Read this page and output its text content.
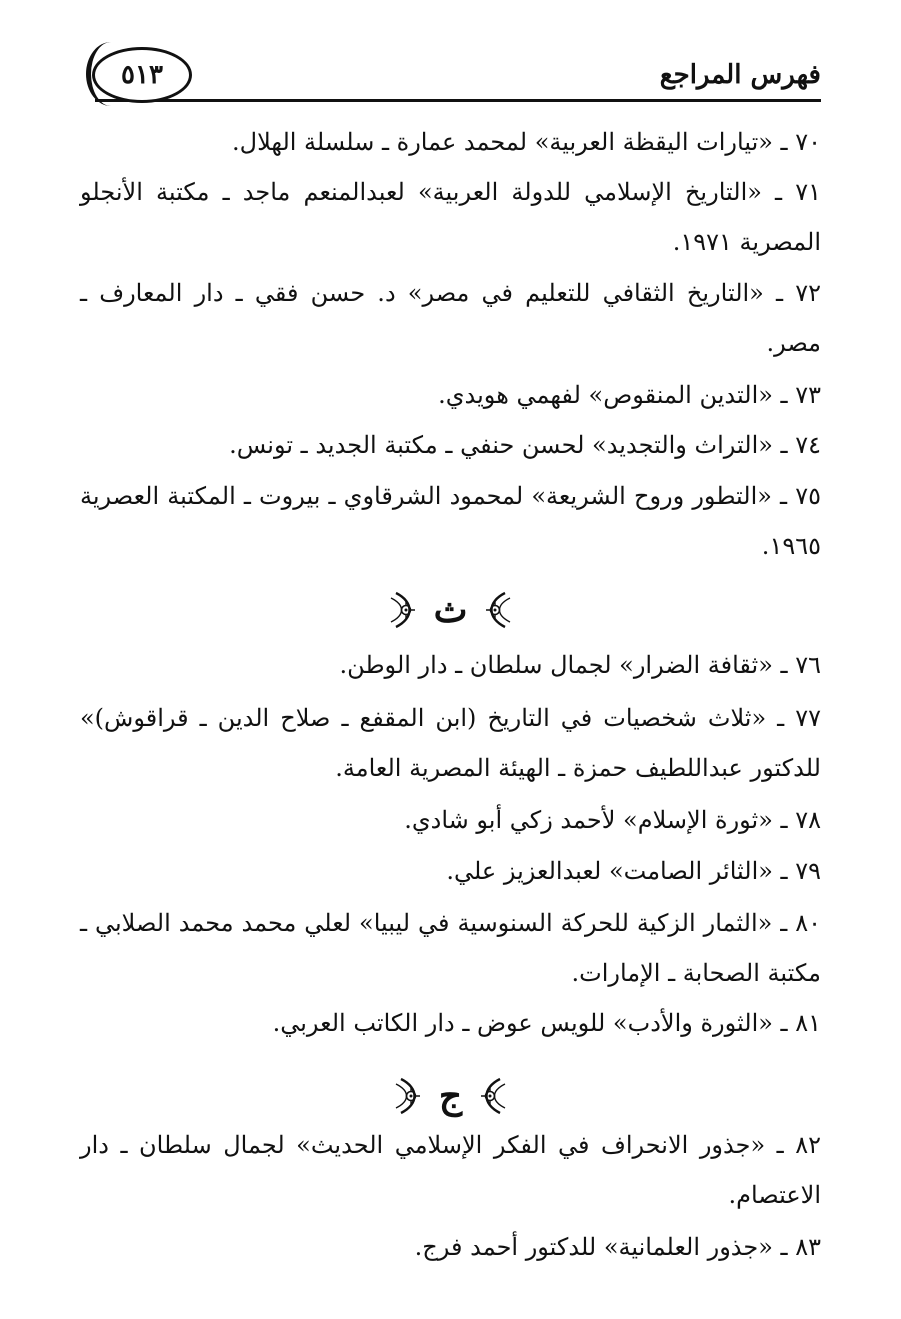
فهرس المراجع
٥١٣
٧٠ ـ «تيارات اليقظة العربية» لمحمد عمارة ـ سلسلة الهلال.
٧١ ـ «التاريخ الإسلامي للدولة العربية» لعبدالمنعم ماجد ـ مكتبة الأنجلو المصرية ١٩٧١.
٧٢ ـ «التاريخ الثقافي للتعليم في مصر» د. حسن فقي ـ دار المعارف ـ مصر.
٧٣ ـ «التدين المنقوص» لفهمي هويدي.
٧٤ ـ «التراث والتجديد» لحسن حنفي ـ مكتبة الجديد ـ تونس.
٧٥ ـ «التطور وروح الشريعة» لمحمود الشرقاوي ـ بيروت ـ المكتبة العصرية ١٩٦٥.
ث
٧٦ ـ «ثقافة الضرار» لجمال سلطان ـ دار الوطن.
٧٧ ـ «ثلاث شخصيات في التاريخ (ابن المقفع ـ صلاح الدين ـ قراقوش)» للدكتور عبداللطيف حمزة ـ الهيئة المصرية العامة.
٧٨ ـ «ثورة الإسلام» لأحمد زكي أبو شادي.
٧٩ ـ «الثائر الصامت» لعبدالعزيز علي.
٨٠ ـ «الثمار الزكية للحركة السنوسية في ليبيا» لعلي محمد محمد الصلابي ـ مكتبة الصحابة ـ الإمارات.
٨١ ـ «الثورة والأدب» للويس عوض ـ دار الكاتب العربي.
ج
٨٢ ـ «جذور الانحراف في الفكر الإسلامي الحديث» لجمال سلطان ـ دار الاعتصام.
٨٣ ـ «جذور العلمانية» للدكتور أحمد فرج.
